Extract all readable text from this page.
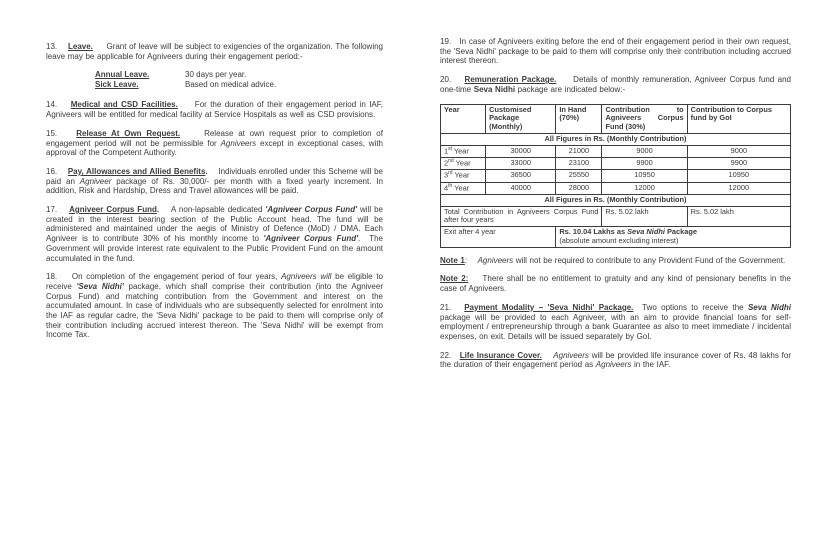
13.    Leave.     Grant of leave will be subject to exigencies of the organization. The following leave may be applicable for Agniveers during their engagement period:-

Annual Leave.	30 days per year.
Sick Leave.	Based on medical advice.

14.    Medical and CSD Facilities.     For the duration of their engagement period in IAF, Agniveers will be entitled for medical facility at Service Hospitals as well as CSD provisions.

15.    Release At Own Request.     Release at own request prior to completion of engagement period will not be permissible for Agniveers except in exceptional cases, with approval of the Competent Authority.

16.    Pay, Allowances and Allied Benefits.    Individuals enrolled under this Scheme will be paid an Agniveer package of Rs. 30,000/- per month with a fixed yearly increment. In addition, Risk and Hardship, Dress and Travel allowances will be paid.

17.    Agniveer Corpus Fund.    A non-lapsable dedicated 'Agniveer Corpus Fund' will be created in the interest bearing section of the Public Account head. The fund will be administered and maintained under the aegis of Ministry of Defence (MoD) / DMA. Each Agniveer is to contribute 30% of his monthly income to 'Agniveer Corpus Fund'.  The Government will provide interest rate equivalent to the Public Provident Fund on the amount accumulated in the fund.

18.    On completion of the engagement period of four years, Agniveers will be eligible to receive 'Seva Nidhi' package, which shall comprise their contribution (into the Agniveer Corpus Fund) and matching contribution from the Government and interest on the accumulated amount. In case of individuals who are subsequently selected for enrolment into the IAF as regular cadre, the 'Seva Nidhi' package to be paid to them will comprise only of their contribution including accrued interest thereon. The 'Seva Nidhi' will be exempt from Income Tax.

19.   In case of Agniveers exiting before the end of their engagement period in their own request, the 'Seva Nidhi' package to be paid to them will comprise only their contribution including accrued interest thereon.

20.    Remuneration Package.     Details of monthly remuneration, Agniveer Corpus fund and one-time Seva Nidhi package are indicated below:-

Year	Customised Package (Monthly)	In Hand (70%)	Contribution to Agniveers Corpus Fund (30%)	Contribution to Corpus fund by GoI
All Figures in Rs. (Monthly Contribution)				
1st Year	30000	21000	9000	9000
2nd Year	33000	23100	9900	9900
3rd Year	36500	25550	10950	10950
4th Year	40000	28000	12000	12000
All Figures in Rs. (Monthly Contribution)				
Total Contribution in Agniveers Corpus Fund after four years			Rs. 5.02 lakh	Rs. 5.02 lakh
Exit after 4 year		Rs. 10.04 Lakhs as Seva Nidhi Package
(absolute amount excluding interest)		

Note 1:    Agniveers will not be required to contribute to any Provident Fund of the Government.

Note 2:    There shall be no entitlement to gratuity and any kind of pensionary benefits in the case of Agniveers.

21.   Payment Modality – 'Seva Nidhi' Package.  Two options to receive the Seva Nidhi package will be provided to each Agniveer, with an aim to provide financial loans for self-employment / entrepreneurship through a bank Guarantee as also to meet immediate / incidental expenses, on exit. Details will be issued separately by GoI.

22.   Life Insurance Cover. Agniveers will be provided life insurance cover of Rs. 48 lakhs for the duration of their engagement period as Agniveers in the IAF.
